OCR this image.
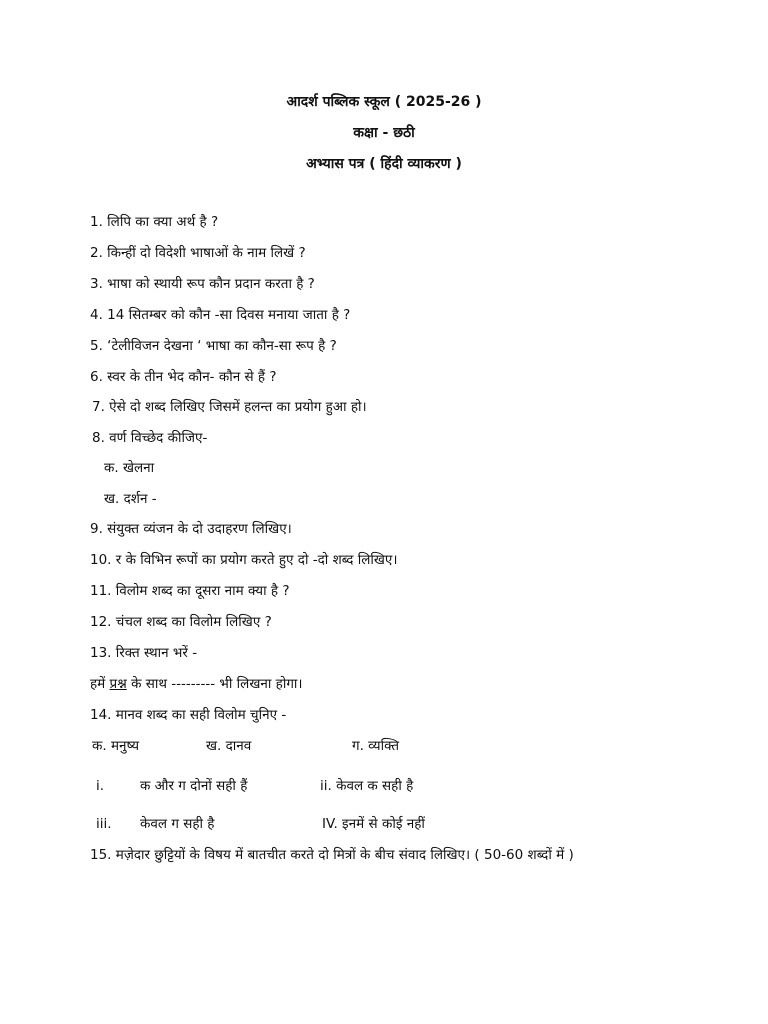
आदर्श पब्लिक स्कूल ( 2025-26 )
कक्षा - छठी
अभ्यास पत्र ( हिंदी व्याकरण )
1. लिपि का क्या अर्थ है ?
2. किन्हीं दो विदेशी भाषाओं के नाम लिखें ?
3. भाषा को स्थायी रूप कौन प्रदान करता है ?
4. 14 सितम्बर को कौन -सा दिवस मनाया जाता है ?
5. ‘टेलीविजन देखना ‘ भाषा का कौन-सा रूप है ?
6. स्वर के तीन भेद कौन- कौन से हैं ?
7. ऐसे दो शब्द लिखिए जिसमें हलन्त का प्रयोग हुआ हो।
8. वर्ण विच्छेद कीजिए-
क. खेलना
ख. दर्शन -
9. संयुक्त व्यंजन के दो उदाहरण लिखिए।
10. र के विभिन रूपों का प्रयोग करते हुए दो -दो शब्द लिखिए।
11. विलोम शब्द का दूसरा नाम क्या है ?
12. चंचल शब्द का विलोम लिखिए ?
13. रिक्त स्थान भरें -
हमें प्रश्न के साथ --------- भी लिखना होगा।
14. मानव शब्द का सही विलोम चुनिए -
क. मनुष्य	ख. दानव	ग. व्यक्ति
i.	क और ग दोनों सही हैं	ii. केवल क सही है
iii. केवल ग सही है	IV. इनमें से कोई नहीं
15. मज़ेदार छुट्टियों के विषय में बातचीत करते दो मित्रों के बीच संवाद लिखिए। ( 50-60 शब्दों में )
